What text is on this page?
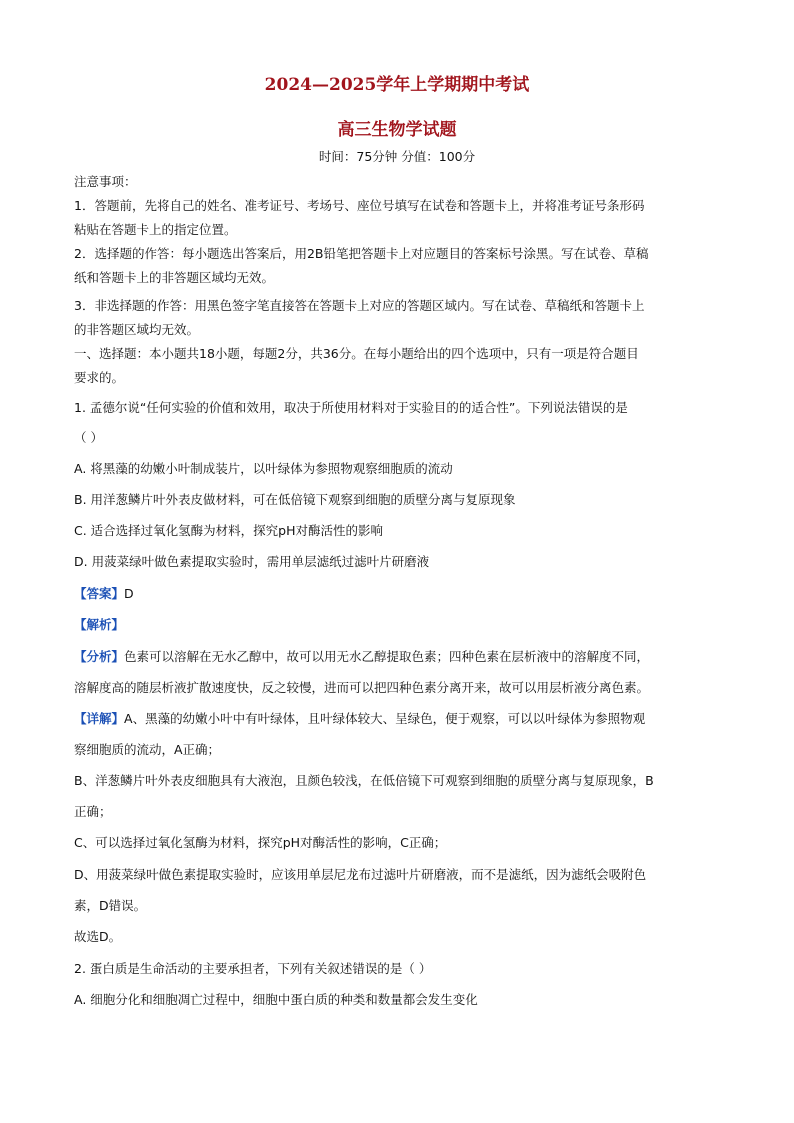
2024—2025学年上学期期中考试
高三生物学试题
时间：75分钟 分值：100分
注意事项：
1．答题前，先将自己的姓名、准考证号、考场号、座位号填写在试卷和答题卡上，并将准考证号条形码
粘贴在答题卡上的指定位置。
2．选择题的作答：每小题选出答案后，用2B铅笔把答题卡上对应题目的答案标号涂黑。写在试卷、草稿
纸和答题卡上的非答题区域均无效。
3．非选择题的作答：用黑色签字笔直接答在答题卡上对应的答题区域内。写在试卷、草稿纸和答题卡上
的非答题区域均无效。
一、选择题：本小题共18小题，每题2分，共36分。在每小题给出的四个选项中，只有一项是符合题目
要求的。
1. 孟德尔说“任何实验的价值和效用，取决于所使用材料对于实验目的的适合性”。下列说法错误的是
（ ）
A. 将黑藻的幼嫩小叶制成装片，以叶绿体为参照物观察细胞质的流动
B. 用洋葱鳞片叶外表皮做材料，可在低倍镜下观察到细胞的质壁分离与复原现象
C. 适合选择过氧化氢酶为材料，探究pH对酶活性的影响
D. 用菠菜绿叶做色素提取实验时，需用单层滤纸过滤叶片研磨液
【答案】D
【解析】
【分析】色素可以溶解在无水乙醇中，故可以用无水乙醇提取色素；四种色素在层析液中的溶解度不同，
溶解度高的随层析液扩散速度快，反之较慢，进而可以把四种色素分离开来，故可以用层析液分离色素。
【详解】A、黑藻的幼嫩小叶中有叶绿体，且叶绿体较大、呈绿色，便于观察，可以以叶绿体为参照物观
察细胞质的流动，A正确；
B、洋葱鳞片叶外表皮细胞具有大液泡，且颜色较浅，在低倍镜下可观察到细胞的质壁分离与复原现象，B
正确；
C、可以选择过氧化氢酶为材料，探究pH对酶活性的影响，C正确；
D、用菠菜绿叶做色素提取实验时，应该用单层尼龙布过滤叶片研磨液，而不是滤纸，因为滤纸会吸附色
素，D错误。
故选D。
2. 蛋白质是生命活动的主要承担者，下列有关叙述错误的是（ ）
A. 细胞分化和细胞凋亡过程中，细胞中蛋白质的种类和数量都会发生变化
